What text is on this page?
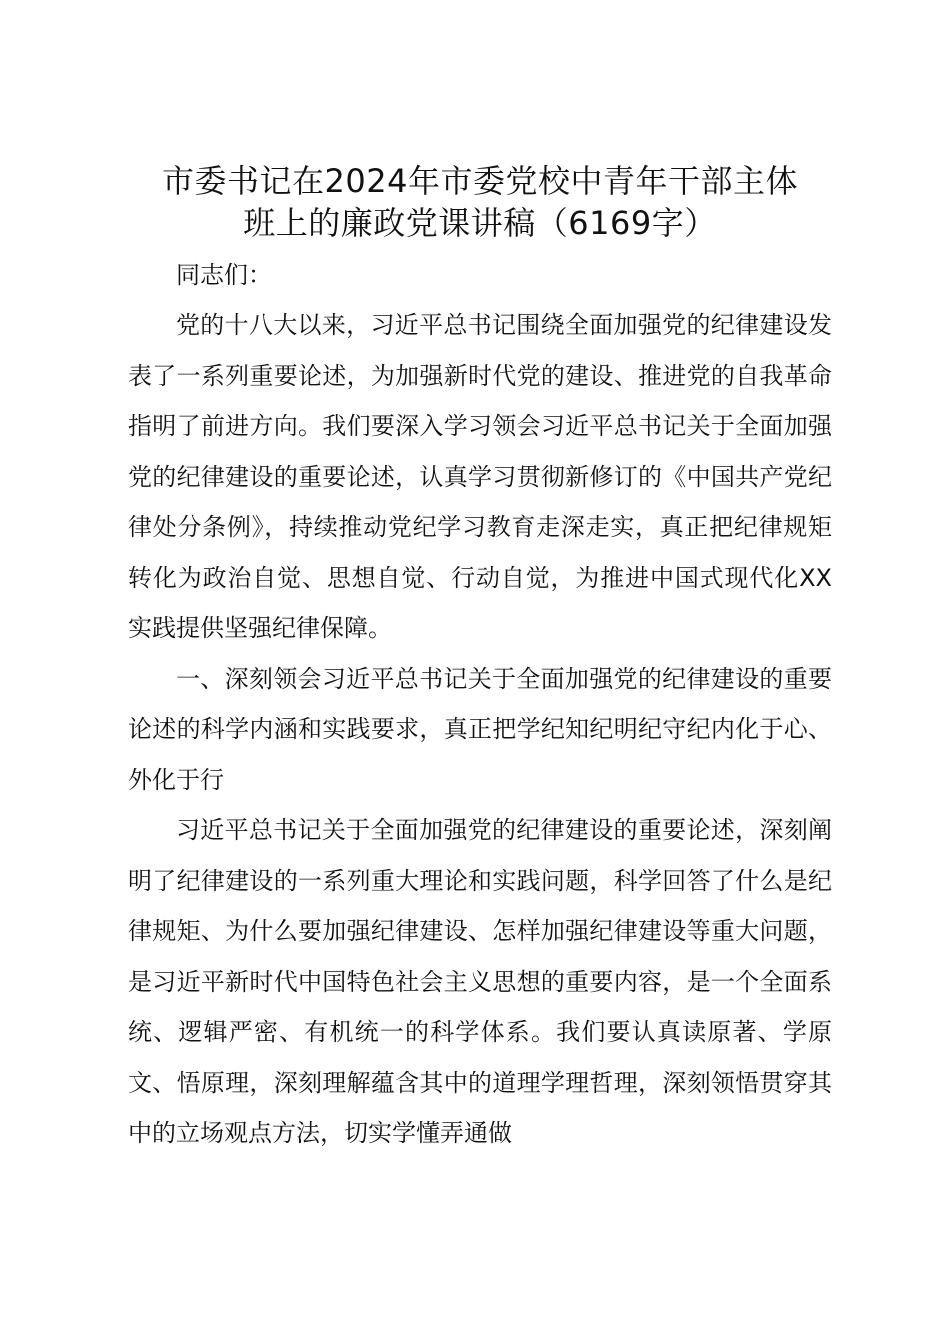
市委书记在2024年市委党校中青年干部主体
班上的廉政党课讲稿（6169字）

同志们：

党的十八大以来，习近平总书记围绕全面加强党的纪律建设发表了一系列重要论述，为加强新时代党的建设、推进党的自我革命指明了前进方向。我们要深入学习领会习近平总书记关于全面加强党的纪律建设的重要论述，认真学习贯彻新修订的《中国共产党纪律处分条例》，持续推动党纪学习教育走深走实，真正把纪律规矩转化为政治自觉、思想自觉、行动自觉，为推进中国式现代化XX实践提供坚强纪律保障。

一、深刻领会习近平总书记关于全面加强党的纪律建设的重要论述的科学内涵和实践要求，真正把学纪知纪明纪守纪内化于心、外化于行

习近平总书记关于全面加强党的纪律建设的重要论述，深刻阐明了纪律建设的一系列重大理论和实践问题，科学回答了什么是纪律规矩、为什么要加强纪律建设、怎样加强纪律建设等重大问题，是习近平新时代中国特色社会主义思想的重要内容，是一个全面系统、逻辑严密、有机统一的科学体系。我们要认真读原著、学原文、悟原理，深刻理解蕴含其中的道理学理哲理，深刻领悟贯穿其中的立场观点方法，切实学懂弄通做
